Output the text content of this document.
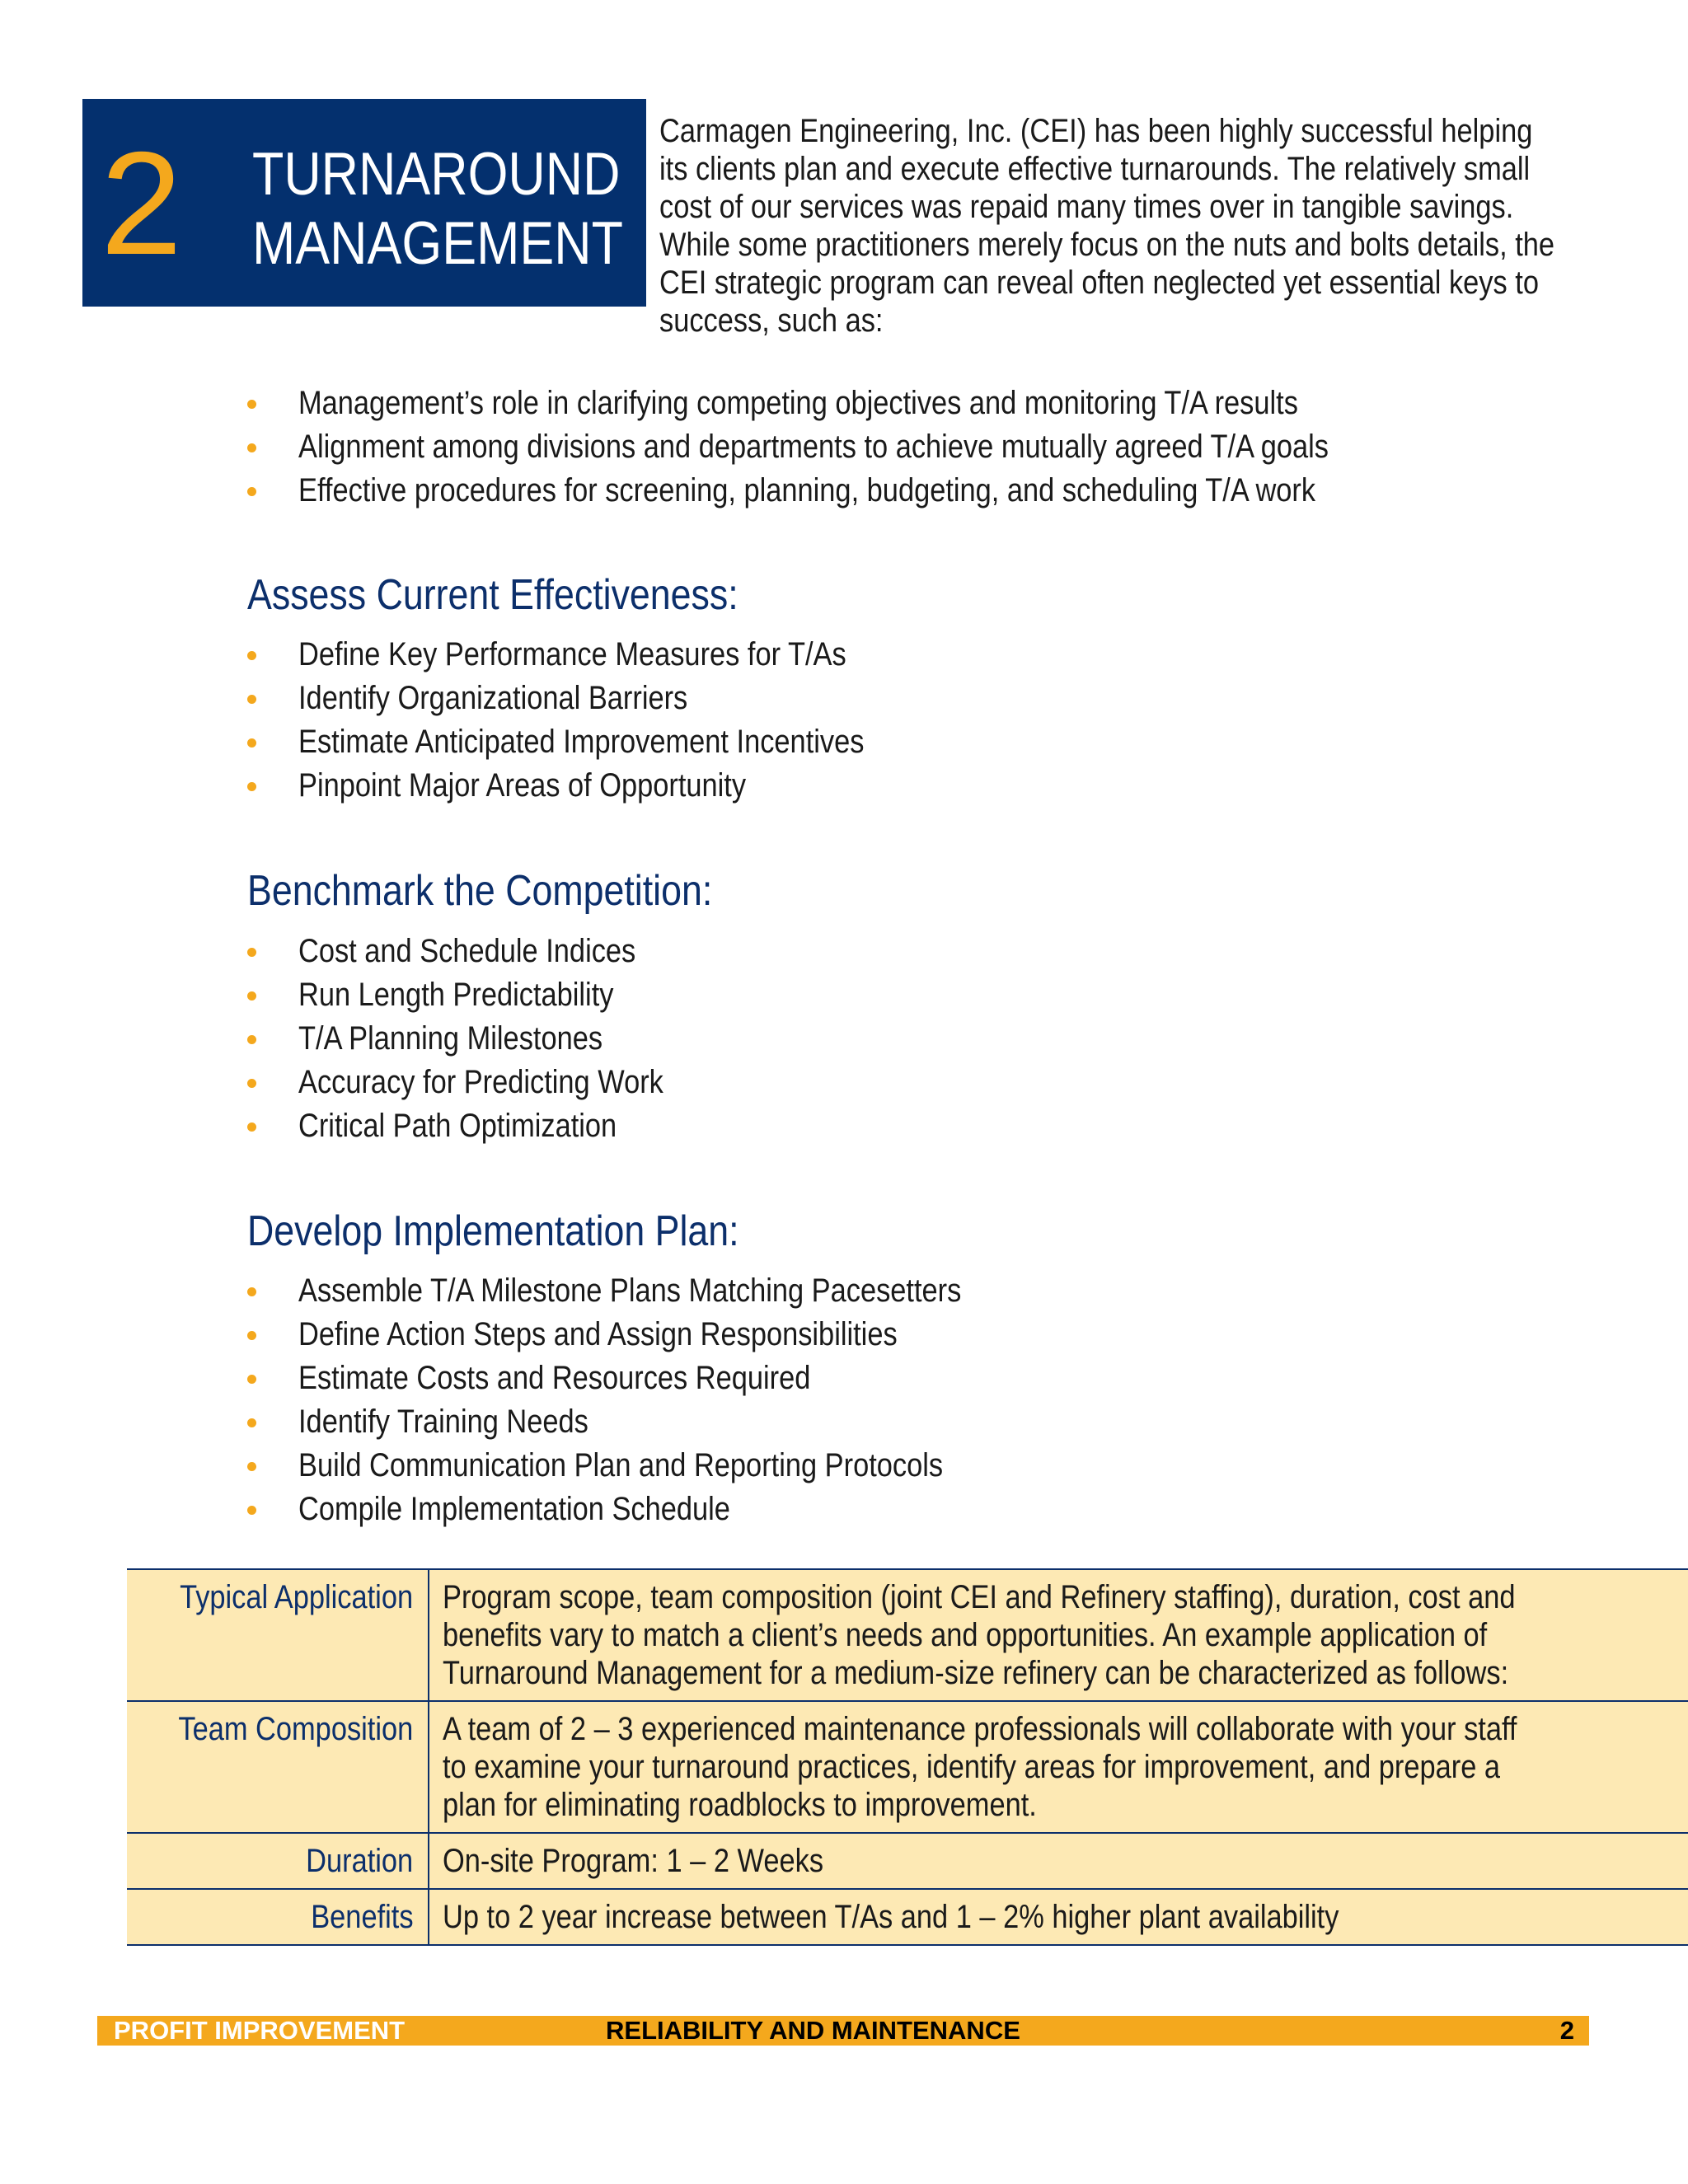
2 TURNAROUND
MANAGEMENT
Carmagen Engineering, Inc. (CEI) has been highly successful helping its clients plan and execute effective turnarounds. The relatively small cost of our services was repaid many times over in tangible savings. While some practitioners merely focus on the nuts and bolts details, the CEI strategic program can reveal often neglected yet essential keys to success, such as:
Management’s role in clarifying competing objectives and monitoring T/A results
Alignment among divisions and departments to achieve mutually agreed T/A goals
Effective procedures for screening, planning, budgeting, and scheduling T/A work
Assess Current Effectiveness:
Define Key Performance Measures for T/As
Identify Organizational Barriers
Estimate Anticipated Improvement Incentives
Pinpoint Major Areas of Opportunity
Benchmark the Competition:
Cost and Schedule Indices
Run Length Predictability
T/A Planning Milestones
Accuracy for Predicting Work
Critical Path Optimization
Develop Implementation Plan:
Assemble T/A Milestone Plans Matching Pacesetters
Define Action Steps and Assign Responsibilities
Estimate Costs and Resources Required
Identify Training Needs
Build Communication Plan and Reporting Protocols
Compile Implementation Schedule
Typical Application	Program scope, team composition (joint CEI and Refinery staffing), duration, cost and
benefits vary to match a client’s needs and opportunities. An example application of
Turnaround Management for a medium-size refinery can be characterized as follows:

Team Composition	A team of 2 – 3 experienced maintenance professionals will collaborate with your staff
to examine your turnaround practices, identify areas for improvement, and prepare a
plan for eliminating roadblocks to improvement.

Duration	On-site Program: 1 – 2 Weeks

Benefits	Up to 2 year increase between T/As and 1 – 2% higher plant availability
PROFIT IMPROVEMENT	RELIABILITY AND MAINTENANCE	2
